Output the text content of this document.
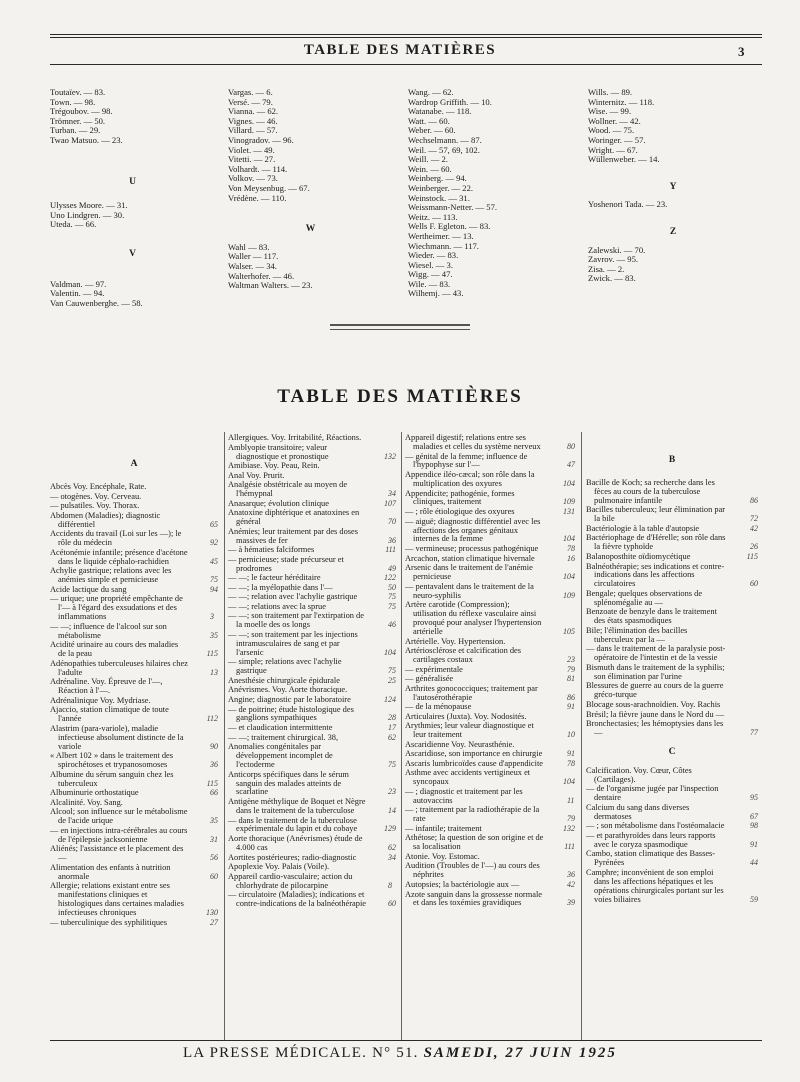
TABLE DES MATIÈRES	3
Toutaïev. — 83.
Town. — 98.
Trégoubov. — 98.
Trömner. — 50.
Turban. — 29.
Twao Matsuo. — 23.
U
Ulysses Moore. — 31.
Uno Lindgren. — 30.
Uteda. — 66.
V
Valdman. — 97.
Valentin. — 94.
Van Cauwenberghe. — 58.
Vargas. — 6.
Versé. — 79.
Vianna. — 62.
Vignes. — 46.
Villard. — 57.
Vinogradov. — 96.
Violet. — 49.
Vitetti. — 27.
Volhardt. — 114.
Volkov. — 73.
Von Meysenbug. — 67.
Vrédène. — 110.
W
Wahl — 83.
Waller — 117.
Walser. — 34.
Walterhofer. — 46.
Waltman Walters. — 23.
Wang. — 62.
Wardrop Griffith. — 10.
Watanabe. — 118.
Watt. — 60.
Weber. — 60.
Wechselmann. — 87.
Weil. — 57, 69, 102.
Weill. — 2.
Wein. — 60.
Weinberg. — 94.
Weinberger. — 22.
Weinstock. — 31.
Weissmann-Netter. — 57.
Weitz. — 113.
Wells F. Egleton. — 83.
Wertheimer. — 13.
Wiechmann. — 117.
Wieder. — 83.
Wiesel. — 3.
Wigg. — 47.
Wile. — 83.
Wilhemj. — 43.
Wills. — 89.
Winternitz. — 118.
Wise. — 99.
Wollner. — 42.
Wood. — 75.
Woringer. — 57.
Wright. — 67.
Wüllenweber. — 14.
Y
Yoshenori Tada. — 23.
Z
Zalewski. — 70.
Zavrov. — 95.
Zisa. — 2.
Zwick. — 83.
TABLE DES MATIÈRES
A
Abcès Voy. Encéphale, Rate.
— otogènes. Voy. Cerveau.
— pulsatiles. Voy. Thorax.
Abdomen (Maladies); diagnostic différentiel	65
Accidents du travail (Loi sur les —); le rôle du médecin	92
Acétonémie infantile; présence d'acétone dans le liquide céphalo-rachidien	45
Achylie gastrique; relations avec les anémies simple et pernicieuse	75
Acide lactique du sang	94
— urique; une propriété empêchante de l'— à l'égard des exsudations et des inflammations	3
— —; influence de l'alcool sur son métabolisme	35
Acidité urinaire au cours des maladies de la peau	115
Adénopathies tuberculeuses hilaires chez l'adulte	13
Adrénaline. Voy. Épreuve de l'—, Réaction à l'—.
Adrénalinique Voy. Mydriase.
Ajaccio, station climatique de toute l'année	112
Alastrim (para-variole), maladie infectieuse absolument distincte de la variole	90
« Albert 102 » dans le traitement des spirochétoses et trypanosomoses	36
Albumine du sérum sanguin chez les tuberculeux	115
Albuminurie orthostatique	66
Alcalinité. Voy. Sang.
Alcool; son influence sur le métabolisme de l'acide urique	35
— en injections intra-cérébrales au cours de l'épilepsie jacksonienne	31
Aliénés; l'assistance et le placement des —	56
Alimentation des enfants à nutrition anormale	60
Allergie; relations existant entre ses manifestations cliniques et histologiques dans certaines maladies infectieuses chroniques	130
— tuberculinique des syphilitiques	27
Allergiques. Voy. Irritabilité, Réactions.
Amblyopie transitoire; valeur diagnostique et pronostique	132
Amibiase. Voy. Peau, Rein.
Anal Voy. Prurit.
Analgésie obstétricale au moyen de l'hémypnal	34
Anasarque; évolution clinique	107
Anatoxine diphtérique et anatoxines en général	70
Anémies; leur traitement par des doses massives de fer	36
— à hématies falciformes	111
— pernicieuse; stade précurseur et prodromes	49
— —; le facteur héréditaire	122
— —; la myélopathie dans l'—	50
— —; relation avec l'achylie gastrique	75
— —; relations avec la sprue	75
— —; son traitement par l'extirpation de la moelle des os longs	46
— —; son traitement par les injections intramusculaires de sang et par l'arsenic	104
— simple; relations avec l'achylie gastrique	75
Anesthésie chirurgicale épidurale	25
Anévrismes. Voy. Aorte thoracique.
Angine; diagnostic par le laboratoire	124
— de poitrine; étude histologique des ganglions sympathiques	28
— et claudication intermittente	17
— —; traitement chirurgical. 38,	62
Anomalies congénitales par développement incomplet de l'ectoderme	75
Anticorps spécifiques dans le sérum sanguin des malades atteints de scarlatine	23
Antigène méthylique de Boquet et Nègre dans le traitement de la tuberculose	14
— dans le traitement de la tuberculose expérimentale du lapin et du cobaye	129
Aorte thoracique (Anévrismes) étude de 4.000 cas	62
Aortites postérieures; radio-diagnostic	34
Apoplexie Voy. Palais (Voile).
Appareil cardio-vasculaire; action du chlorhydrate de pilocarpine	8
— circulatoire (Maladies); indications et contre-indications de la balnéothérapie	60
Appareil digestif; relations entre ses maladies et celles du système nerveux	80
— génital de la femme; influence de l'hypophyse sur l'—	47
Appendice iléo-cæcal; son rôle dans la multiplication des oxyures	104
Appendicite; pathogénie, formes cliniques, traitement	109
— ; rôle étiologique des oxyures	131
— aiguë; diagnostic différentiel avec les affections des organes génitaux internes de la femme	104
— vermineuse; processus pathogénique	78
Arcachon, station climatique hivernale	16
Arsenic dans le traitement de l'anémie pernicieuse	104
— pentavalent dans le traitement de la neuro-syphilis	109
Artère carotide (Compression); utilisation du réflexe vasculaire ainsi provoqué pour analyser l'hypertension artérielle	105
Artérielle. Voy. Hypertension.
Artériosclérose et calcification des cartilages costaux	23
— expérimentale	79
— généralisée	81
Arthrites gonococciques; traitement par l'autosérothérapie	86
— de la ménopause	91
Articulaires (Juxta). Voy. Nodosités.
Arythmies; leur valeur diagnostique et leur traitement	10
Ascaridienne Voy. Neurasthénie.
Ascaridiose, son importance en chirurgie	91
Ascaris lumbricoïdes cause d'appendicite	78
Asthme avec accidents vertigineux et syncopaux	104
— ; diagnostic et traitement par les autovaccins	11
— ; traitement par la radiothérapie de la rate	79
— infantile; traitement	132
Athétose; la question de son origine et de sa localisation	111
Atonie. Voy. Estomac.
Audition (Troubles de l'—) au cours des néphrites	36
Autopsies; la bactériologie aux —	42
Azote sanguin dans la grossesse normale et dans les toxémies gravidiques	39
B
Bacille de Koch; sa recherche dans les fèces au cours de la tuberculose pulmonaire infantile	86
Bacilles tuberculeux; leur élimination par la bile	72
Bactériologie à la table d'autopsie	42
Bactériophage de d'Hérelle; son rôle dans la fièvre typhoïde	26
Balanoposthite oïdiomycétique	115
Balnéothérapie; ses indications et contre-indications dans les affections circulatoires	60
Bengale; quelques observations de splénomégalie au —
Benzoate de benzyle dans le traitement des états spasmodiques
Bile; l'élimination des bacilles tuberculeux par la —
— dans le traitement de la paralysie post-opératoire de l'intestin et de la vessie
Bismuth dans le traitement de la syphilis; son élimination par l'urine
Blessures de guerre au cours de la guerre gréco-turque
Blocage sous-arachnoïdien. Voy. Rachis
Brésil; la fièvre jaune dans le Nord du —
Bronchectasies; les hémoptysies dans les —	77
C
Calcification. Voy. Cœur, Côtes (Cartilages).
— de l'organisme jugée par l'inspection dentaire	95
Calcium du sang dans diverses dermatoses	67
— ; son métabolisme dans l'ostéomalacie	98
— et parathyroïdes dans leurs rapports avec le coryza spasmodique	91
Cambo, station climatique des Basses-Pyrénées	44
Camphre; inconvénient de son emploi dans les affections hépatiques et les opérations chirurgicales portant sur les voies biliaires	59
LA PRESSE MÉDICALE. N° 51. SAMEDI, 27 JUIN 1925
